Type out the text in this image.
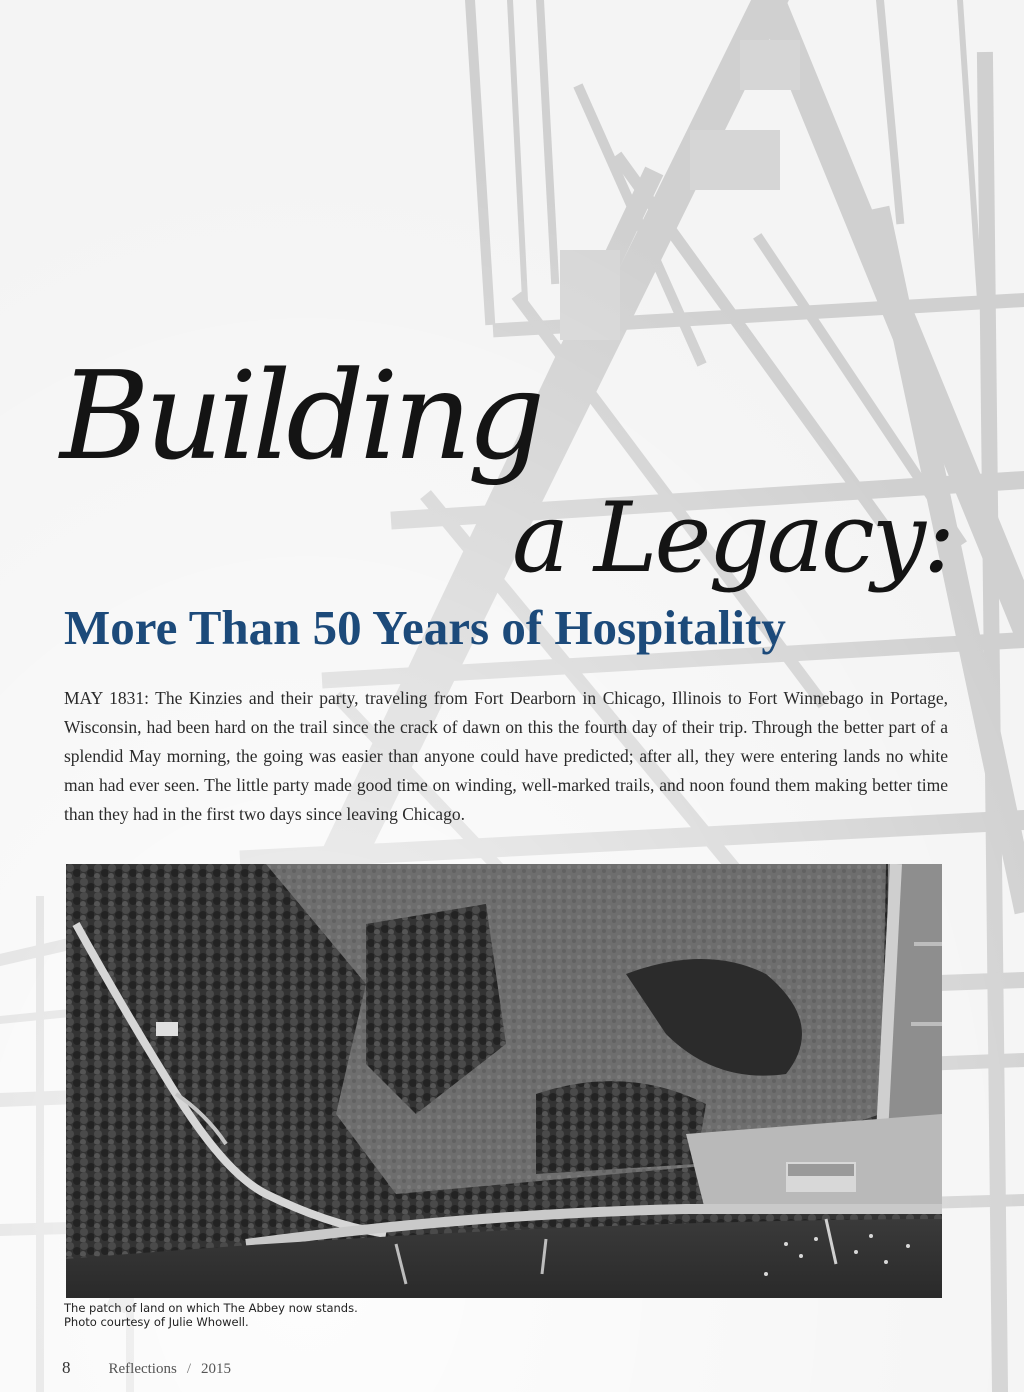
Building
a Legacy:
More Than 50 Years of Hospitality

MAY 1831: The Kinzies and their party, traveling from Fort Dearborn in Chicago, Illinois to Fort Winnebago in Portage, Wisconsin, had been hard on the trail since the crack of dawn on this the fourth day of their trip. Through the better part of a splendid May morning, the going was easier than anyone could have predicted; after all, they were entering lands no white man had ever seen. The little party made good time on winding, well-marked trails, and noon found them making better time than they had in the first two days since leaving Chicago.

The patch of land on which The Abbey now stands.
Photo courtesy of Julie Whowell.
8	Reflections / 2015
